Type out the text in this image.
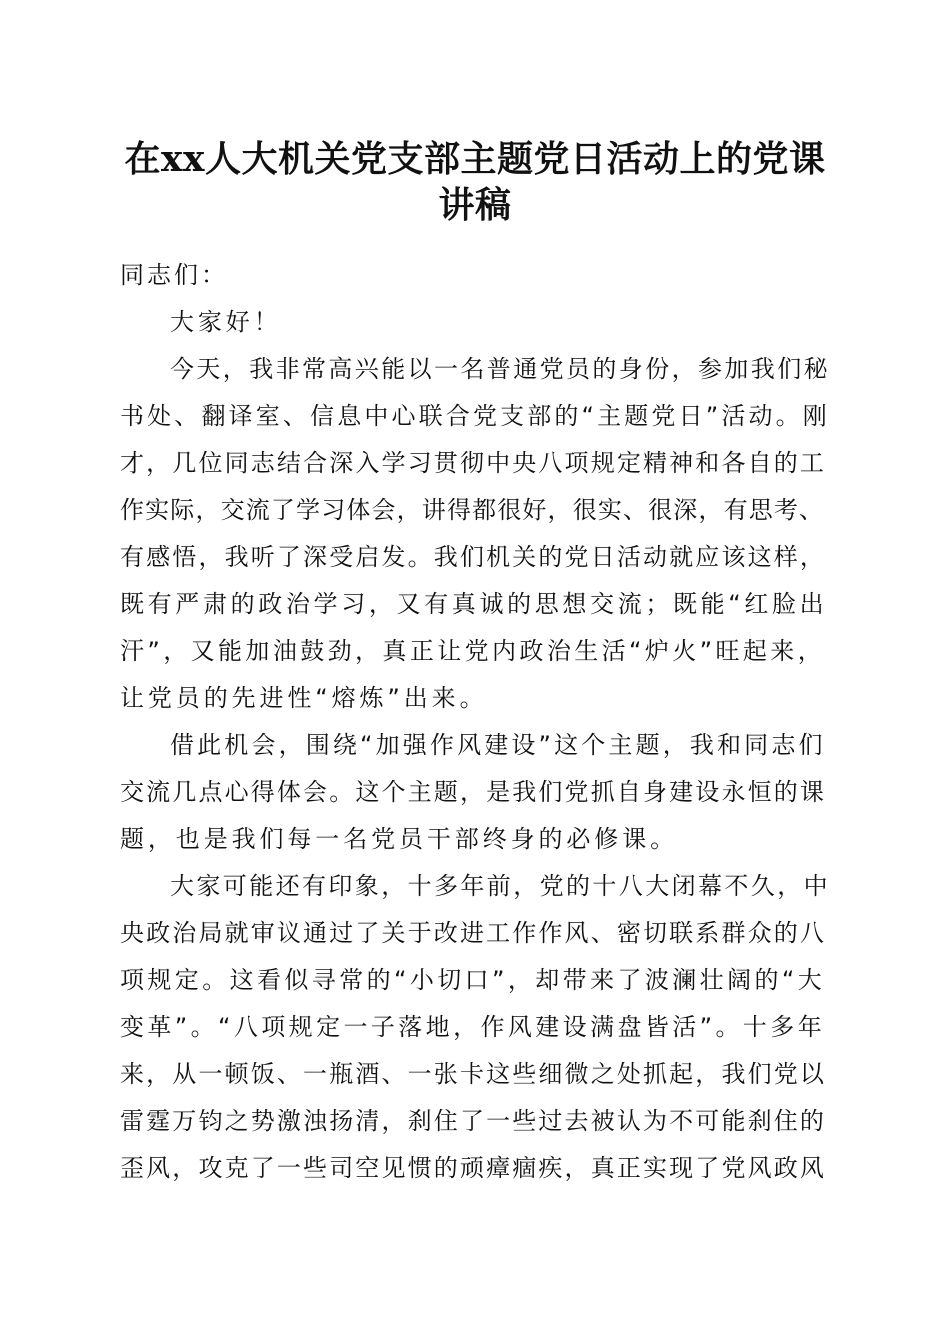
在xx人大机关党支部主题党日活动上的党课
讲稿
同志们：
大家好！
今天，我非常高兴能以一名普通党员的身份，参加我们秘
书处、翻译室、信息中心联合党支部的“主题党日”活动。刚
才，几位同志结合深入学习贯彻中央八项规定精神和各自的工
作实际，交流了学习体会，讲得都很好，很实、很深，有思考、
有感悟，我听了深受启发。我们机关的党日活动就应该这样，
既有严肃的政治学习，又有真诚的思想交流；既能“红脸出
汗”，又能加油鼓劲，真正让党内政治生活“炉火”旺起来，
让党员的先进性“熔炼”出来。
借此机会，围绕“加强作风建设”这个主题，我和同志们
交流几点心得体会。这个主题，是我们党抓自身建设永恒的课
题，也是我们每一名党员干部终身的必修课。
大家可能还有印象，十多年前，党的十八大闭幕不久，中
央政治局就审议通过了关于改进工作作风、密切联系群众的八
项规定。这看似寻常的“小切口”，却带来了波澜壮阔的“大
变革”。“八项规定一子落地，作风建设满盘皆活”。十多年
来，从一顿饭、一瓶酒、一张卡这些细微之处抓起，我们党以
雷霆万钧之势激浊扬清，刹住了一些过去被认为不可能刹住的
歪风，攻克了一些司空见惯的顽瘴痼疾，真正实现了党风政风
